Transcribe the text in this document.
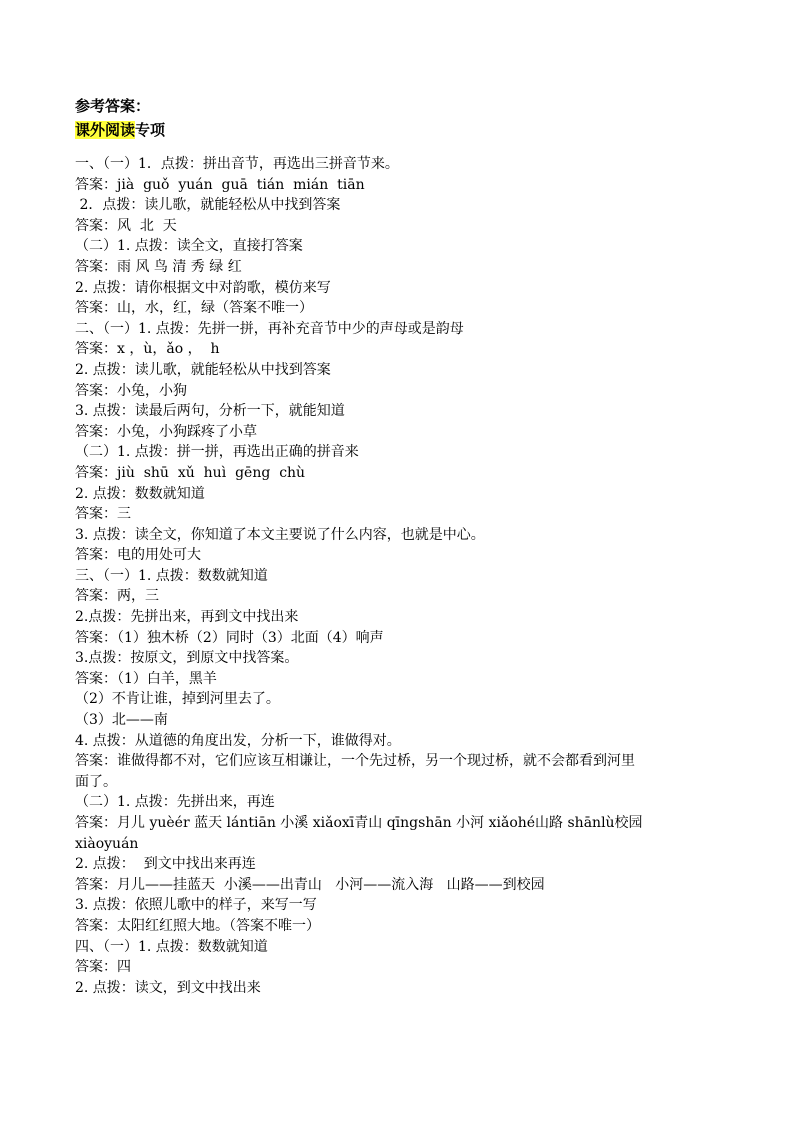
参考答案：
课外阅读专项
一、（一）1．点拨：拼出音节，再选出三拼音节来。
答案：jià  guǒ  yuán  guā  tián  mián  tiān
2．点拨：读儿歌，就能轻松从中找到答案
答案：风  北  天
（二）1. 点拨：读全文，直接打答案
答案：雨 风 鸟 清 秀 绿 红
2. 点拨：请你根据文中对韵歌，模仿来写
答案：山，水，红，绿（答案不唯一）
二、（一）1. 点拨：先拼一拼，再补充音节中少的声母或是韵母
答案：x ，ù，ǎo ，  h
2. 点拨：读儿歌，就能轻松从中找到答案
答案：小兔，小狗
3. 点拨：读最后两句，分析一下，就能知道
答案：小兔，小狗踩疼了小草
（二）1. 点拨：拼一拼，再选出正确的拼音来
答案：jiù  shū  xǔ  huì  gēng  chù
2. 点拨：数数就知道
答案：三
3. 点拨：读全文，你知道了本文主要说了什么内容，也就是中心。
答案：电的用处可大
三、（一）1. 点拨：数数就知道
答案：两，三
2.点拨：先拼出来，再到文中找出来
答案：（1）独木桥（2）同时（3）北面（4）响声
3.点拨：按原文，到原文中找答案。
答案：（1）白羊，黑羊
（2）不肯让谁，掉到河里去了。
（3）北——南
4. 点拨：从道德的角度出发，分析一下，谁做得对。
答案：谁做得都不对，它们应该互相谦让，一个先过桥，另一个现过桥，就不会都看到河里
面了。
（二）1. 点拨：先拼出来，再连
答案：月儿 yuèér 蓝天 lántiān 小溪 xiǎoxī青山 qīngshān 小河 xiǎohé山路 shānlù校园
xiàoyuán
2. 点拨：  到文中找出来再连
答案：月儿——挂蓝天  小溪——出青山   小河——流入海   山路——到校园
3. 点拨：依照儿歌中的样子，来写一写
答案：太阳红红照大地。（答案不唯一）
四、（一）1. 点拨：数数就知道
答案：四
2. 点拨：读文，到文中找出来
